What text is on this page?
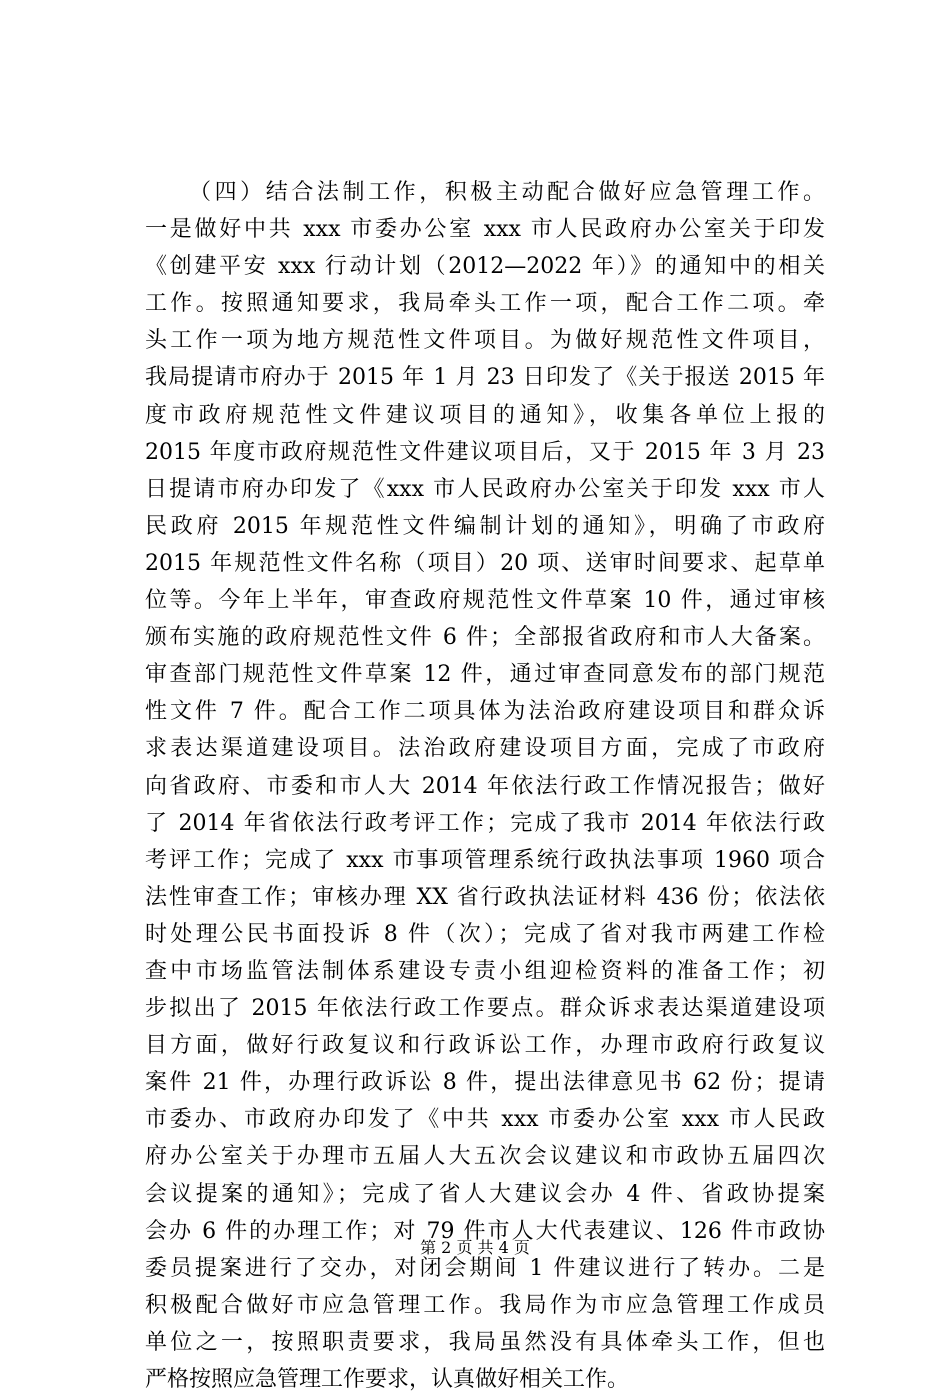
（四）结合法制工作，积极主动配合做好应急管理工作。
一是做好中共 xxx 市委办公室 xxx 市人民政府办公室关于印发
《创建平安 xxx 行动计划（2012—2022 年）》的通知中的相关
工作。按照通知要求，我局牵头工作一项，配合工作二项。牵
头工作一项为地方规范性文件项目。为做好规范性文件项目，
我局提请市府办于 2015 年 1 月 23 日印发了《关于报送 2015 年
度市政府规范性文件建议项目的通知》，收集各单位上报的
2015 年度市政府规范性文件建议项目后，又于 2015 年 3 月 23
日提请市府办印发了《xxx 市人民政府办公室关于印发 xxx 市人
民政府 2015 年规范性文件编制计划的通知》，明确了市政府
2015 年规范性文件名称（项目）20 项、送审时间要求、起草单
位等。今年上半年，审查政府规范性文件草案 10 件，通过审核
颁布实施的政府规范性文件 6 件；全部报省政府和市人大备案。
审查部门规范性文件草案 12 件，通过审查同意发布的部门规范
性文件 7 件。配合工作二项具体为法治政府建设项目和群众诉
求表达渠道建设项目。法治政府建设项目方面，完成了市政府
向省政府、市委和市人大 2014 年依法行政工作情况报告；做好
了 2014 年省依法行政考评工作；完成了我市 2014 年依法行政
考评工作；完成了 xxx 市事项管理系统行政执法事项 1960 项合
法性审查工作；审核办理 XX 省行政执法证材料 436 份；依法依
时处理公民书面投诉 8 件（次）；完成了省对我市两建工作检
查中市场监管法制体系建设专责小组迎检资料的准备工作；初
步拟出了 2015 年依法行政工作要点。群众诉求表达渠道建设项
目方面，做好行政复议和行政诉讼工作，办理市政府行政复议
案件 21 件，办理行政诉讼 8 件，提出法律意见书 62 份；提请
市委办、市政府办印发了《中共 xxx 市委办公室 xxx 市人民政
府办公室关于办理市五届人大五次会议建议和市政协五届四次
会议提案的通知》；完成了省人大建议会办 4 件、省政协提案
会办 6 件的办理工作；对 79 件市人大代表建议、126 件市政协
委员提案进行了交办，对闭会期间 1 件建议进行了转办。二是
积极配合做好市应急管理工作。我局作为市应急管理工作成员
单位之一，按照职责要求，我局虽然没有具体牵头工作，但也
严格按照应急管理工作要求，认真做好相关工作。
第 2 页 共 4 页
